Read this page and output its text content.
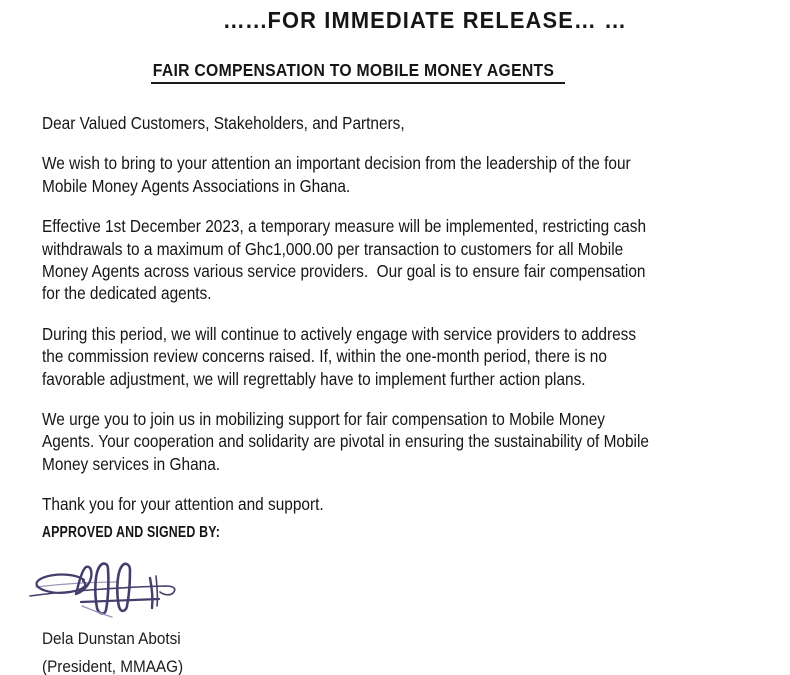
…...FOR IMMEDIATE RELEASE… …
FAIR COMPENSATION TO MOBILE MONEY AGENTS
Dear Valued Customers, Stakeholders, and Partners,
We wish to bring to your attention an important decision from the leadership of the four
Mobile Money Agents Associations in Ghana.
Effective 1st December 2023, a temporary measure will be implemented, restricting cash
withdrawals to a maximum of Ghc1,000.00 per transaction to customers for all Mobile
Money Agents across various service providers.  Our goal is to ensure fair compensation
for the dedicated agents.
During this period, we will continue to actively engage with service providers to address
the commission review concerns raised. If, within the one-month period, there is no
favorable adjustment, we will regrettably have to implement further action plans.
We urge you to join us in mobilizing support for fair compensation to Mobile Money
Agents. Your cooperation and solidarity are pivotal in ensuring the sustainability of Mobile
Money services in Ghana.
Thank you for your attention and support.
APPROVED AND SIGNED BY:
Dela Dunstan Abotsi
(President, MMAAG)
